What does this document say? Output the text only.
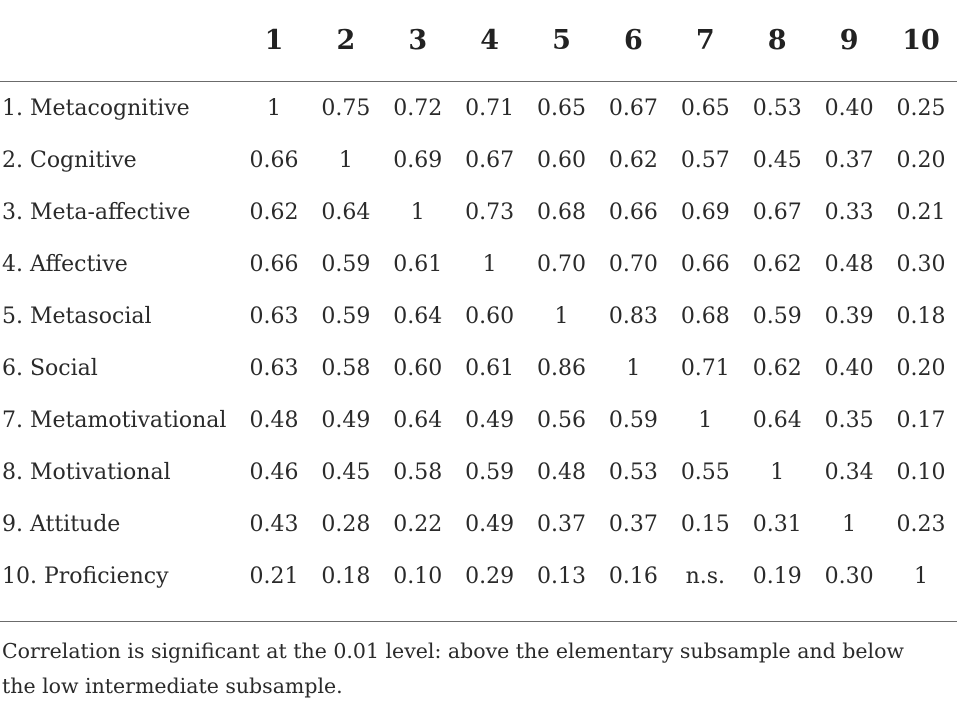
	1	2	3	4	5	6	7	8	9	10
1. Metacognitive	1	0.75	0.72	0.71	0.65	0.67	0.65	0.53	0.40	0.25
2. Cognitive	0.66	1	0.69	0.67	0.60	0.62	0.57	0.45	0.37	0.20
3. Meta-affective	0.62	0.64	1	0.73	0.68	0.66	0.69	0.67	0.33	0.21
4. Affective	0.66	0.59	0.61	1	0.70	0.70	0.66	0.62	0.48	0.30
5. Metasocial	0.63	0.59	0.64	0.60	1	0.83	0.68	0.59	0.39	0.18
6. Social	0.63	0.58	0.60	0.61	0.86	1	0.71	0.62	0.40	0.20
7. Metamotivational	0.48	0.49	0.64	0.49	0.56	0.59	1	0.64	0.35	0.17
8. Motivational	0.46	0.45	0.58	0.59	0.48	0.53	0.55	1	0.34	0.10
9. Attitude	0.43	0.28	0.22	0.49	0.37	0.37	0.15	0.31	1	0.23
10. Proficiency	0.21	0.18	0.10	0.29	0.13	0.16	n.s.	0.19	0.30	1
Correlation is significant at the 0.01 level: above the elementary subsample and below the low intermediate subsample.
